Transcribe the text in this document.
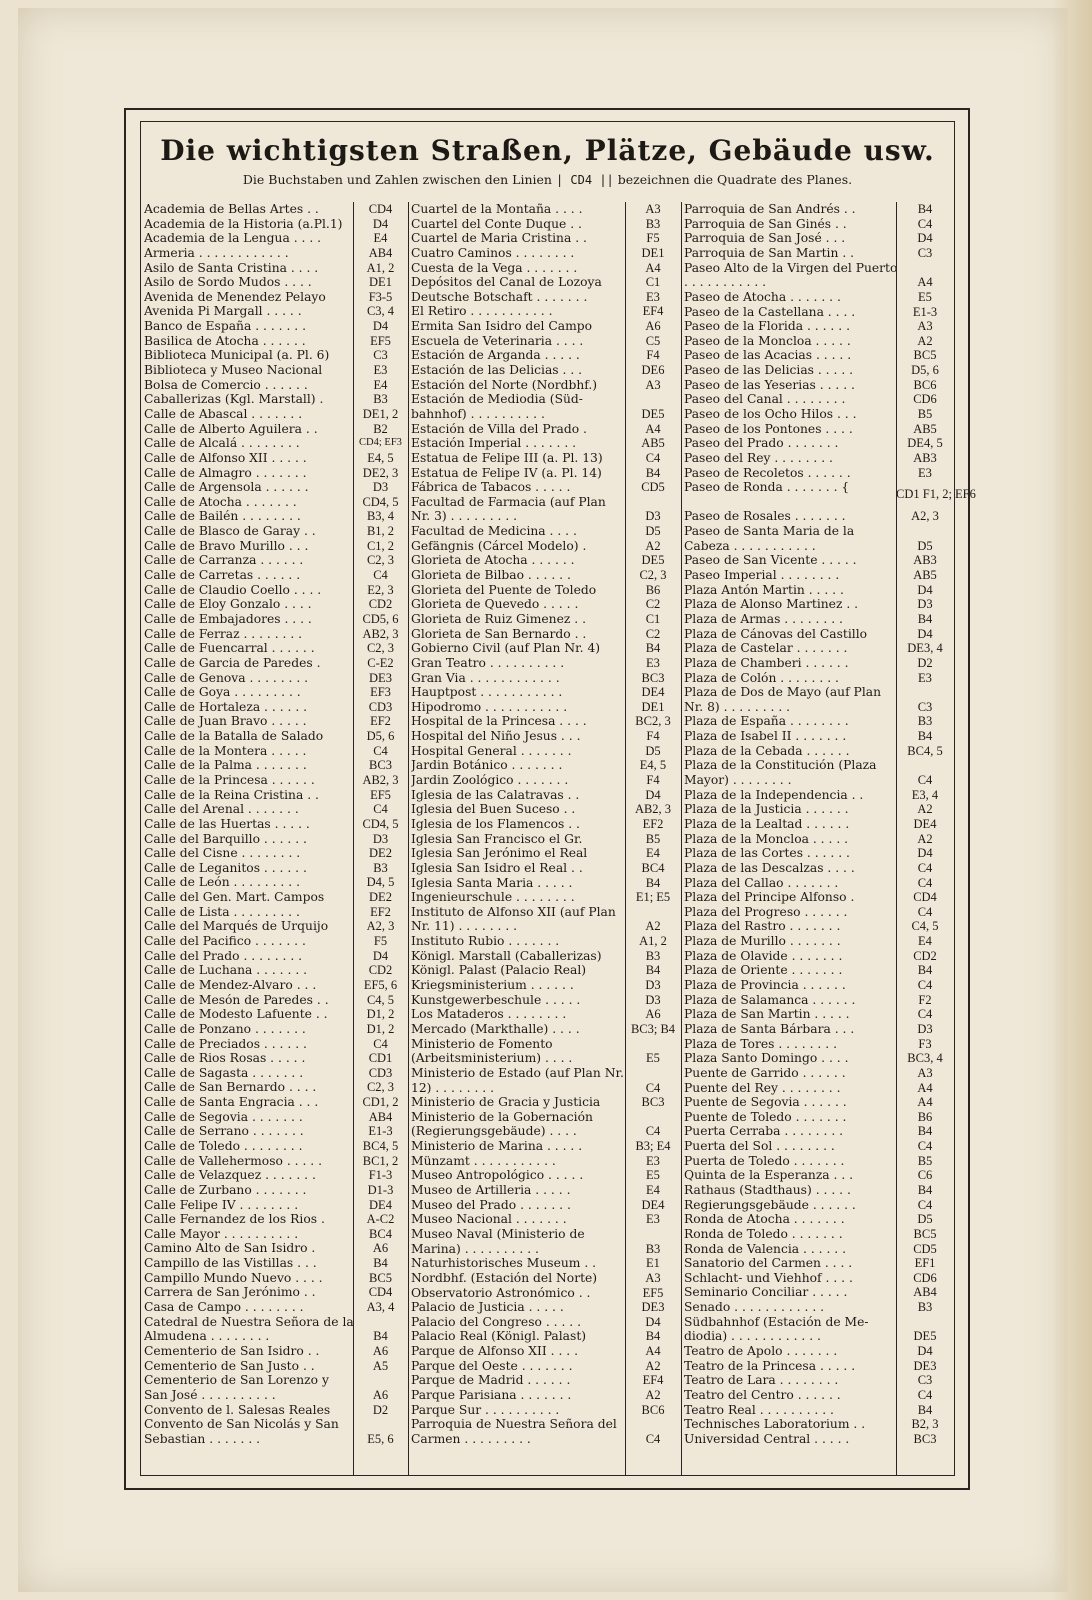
Die wichtigsten Straßen, Plätze, Gebäude usw.
Die Buchstaben und Zahlen zwischen den Linien | CD4 || bezeichnen die Quadrate des Planes.
Academia de Bellas Artes . .	CD4
Academia de la Historia (a.Pl.1)	D4
Academia de la Lengua . . . .	E4
Armeria . . . . . . . . . . . .	AB4
Asilo de Santa Cristina . . . .	A1, 2
Asilo de Sordo Mudos . . . .	DE1
Avenida de Menendez Pelayo	F3-5
Avenida Pi Margall . . . . .	C3, 4
Banco de España . . . . . . .	D4
Basilica de Atocha . . . . . .	EF5
Biblioteca Municipal (a. Pl. 6)	C3
Biblioteca y Museo Nacional	E3
Bolsa de Comercio . . . . . .	E4
Caballerizas (Kgl. Marstall) .	B3
Calle de Abascal . . . . . . .	DE1, 2
Calle de Alberto Aguilera . .	B2
Calle de Alcalá . . . . . . . .	CD4; EF3
Calle de Alfonso XII . . . . .	E4, 5
Calle de Almagro . . . . . . .	DE2, 3
Calle de Argensola . . . . . .	D3
Calle de Atocha . . . . . . .	CD4, 5
Calle de Bailén . . . . . . . .	B3, 4
Calle de Blasco de Garay . .	B1, 2
Calle de Bravo Murillo . . .	C1, 2
Calle de Carranza . . . . . .	C2, 3
Calle de Carretas . . . . . .	C4
Calle de Claudio Coello . . . .	E2, 3
Calle de Eloy Gonzalo . . . .	CD2
Calle de Embajadores . . . .	CD5, 6
Calle de Ferraz . . . . . . . .	AB2, 3
Calle de Fuencarral . . . . . .	C2, 3
Calle de Garcia de Paredes .	C-E2
Calle de Genova . . . . . . . .	DE3
Calle de Goya . . . . . . . . .	EF3
Calle de Hortaleza . . . . . .	CD3
Calle de Juan Bravo . . . . .	EF2
Calle de la Batalla de Salado	D5, 6
Calle de la Montera . . . . .	C4
Calle de la Palma . . . . . . .	BC3
Calle de la Princesa . . . . . .	AB2, 3
Calle de la Reina Cristina . .	EF5
Calle del Arenal . . . . . . .	C4
Calle de las Huertas . . . . .	CD4, 5
Calle del Barquillo . . . . . .	D3
Calle del Cisne . . . . . . . .	DE2
Calle de Leganitos . . . . . .	B3
Calle de León . . . . . . . . .	D4, 5
Calle del Gen. Mart. Campos	DE2
Calle de Lista . . . . . . . . .	EF2
Calle del Marqués de Urquijo	A2, 3
Calle del Pacifico . . . . . . .	F5
Calle del Prado . . . . . . . .	D4
Calle de Luchana . . . . . . .	CD2
Calle de Mendez-Alvaro . . .	EF5, 6
Calle de Mesón de Paredes . .	C4, 5
Calle de Modesto Lafuente . .	D1, 2
Calle de Ponzano . . . . . . .	D1, 2
Calle de Preciados . . . . . .	C4
Calle de Rios Rosas . . . . .	CD1
Calle de Sagasta . . . . . . .	CD3
Calle de San Bernardo . . . .	C2, 3
Calle de Santa Engracia . . .	CD1, 2
Calle de Segovia . . . . . . .	AB4
Calle de Serrano . . . . . . .	E1-3
Calle de Toledo . . . . . . . .	BC4, 5
Calle de Vallehermoso . . . . .	BC1, 2
Calle de Velazquez . . . . . . .	F1-3
Calle de Zurbano . . . . . . .	D1-3
Calle Felipe IV . . . . . . . .	DE4
Calle Fernandez de los Rios .	A-C2
Calle Mayor . . . . . . . . . .	BC4
Camino Alto de San Isidro .	A6
Campillo de las Vistillas . . .	B4
Campillo Mundo Nuevo . . . .	BC5
Carrera de San Jerónimo . .	CD4
Casa de Campo . . . . . . . .	A3, 4
Catedral de Nuestra Señora de la Almudena . . . . . . . .	B4
Cementerio de San Isidro . .	A6
Cementerio de San Justo . .	A5
Cementerio de San Lorenzo y San José . . . . . . . . . .	A6
Convento de l. Salesas Reales	D2
Convento de San Nicolás y San Sebastian . . . . . . .	E5, 6
Cuartel de la Montaña . . . .	A3
Cuartel del Conte Duque . .	B3
Cuartel de Maria Cristina . .	F5
Cuatro Caminos . . . . . . . .	DE1
Cuesta de la Vega . . . . . . .	A4
Depósitos del Canal de Lozoya	C1
Deutsche Botschaft . . . . . . .	E3
El Retiro . . . . . . . . . . .	EF4
Ermita San Isidro del Campo	A6
Escuela de Veterinaria . . . .	C5
Estación de Arganda . . . . .	F4
Estación de las Delicias . . .	DE6
Estación del Norte (Nordbhf.)	A3
Estación de Mediodia (Süd- bahnhof) . . . . . . . . . .	DE5
Estación de Villa del Prado .	A4
Estación Imperial . . . . . . .	AB5
Estatua de Felipe III (a. Pl. 13)	C4
Estatua de Felipe IV (a. Pl. 14)	B4
Fábrica de Tabacos . . . . .	CD5
Facultad de Farmacia (auf Plan Nr. 3) . . . . . . . . .	D3
Facultad de Medicina . . . .	D5
Gefängnis (Cárcel Modelo) .	A2
Glorieta de Atocha . . . . . .	DE5
Glorieta de Bilbao . . . . . .	C2, 3
Glorieta del Puente de Toledo	B6
Glorieta de Quevedo . . . . .	C2
Glorieta de Ruiz Gimenez . .	C1
Glorieta de San Bernardo . .	C2
Gobierno Civil (auf Plan Nr. 4)	B4
Gran Teatro . . . . . . . . . .	E3
Gran Via . . . . . . . . . . . .	BC3
Hauptpost . . . . . . . . . . .	DE4
Hipodromo . . . . . . . . . . .	DE1
Hospital de la Princesa . . . .	BC2, 3
Hospital del Niño Jesus . . .	F4
Hospital General . . . . . . .	D5
Jardin Botánico . . . . . . .	E4, 5
Jardin Zoológico . . . . . . .	F4
Iglesia de las Calatravas . .	D4
Iglesia del Buen Suceso . .	AB2, 3
Iglesia de los Flamencos . .	EF2
Iglesia San Francisco el Gr.	B5
Iglesia San Jerónimo el Real	E4
Iglesia San Isidro el Real . .	BC4
Iglesia Santa Maria . . . . .	B4
Ingenieurschule . . . . . . . .	E1; E5
Instituto de Alfonso XII (auf Plan Nr. 11) . . . . . . . .	A2
Instituto Rubio . . . . . . .	A1, 2
Königl. Marstall (Caballerizas)	B3
Königl. Palast (Palacio Real)	B4
Kriegsministerium . . . . . .	D3
Kunstgewerbeschule . . . . .	D3
Los Mataderos . . . . . . . .	A6
Mercado (Markthalle) . . . .	BC3; B4
Ministerio de Fomento (Arbeitsministerium) . . . .	E5
Ministerio de Estado (auf Plan Nr. 12) . . . . . . . .	C4
Ministerio de Gracia y Justicia	BC3
Ministerio de la Gobernación (Regierungsgebäude) . . . .	C4
Ministerio de Marina . . . . .	B3; E4
Münzamt . . . . . . . . . . .	E3
Museo Antropológico . . . . .	E5
Museo de Artilleria . . . . .	E4
Museo del Prado . . . . . . .	DE4
Museo Nacional . . . . . . .	E3
Museo Naval (Ministerio de Marina) . . . . . . . . . .	B3
Naturhistorisches Museum . .	E1
Nordbhf. (Estación del Norte)	A3
Observatorio Astronómico . .	EF5
Palacio de Justicia . . . . .	DE3
Palacio del Congreso . . . . .	D4
Palacio Real (Königl. Palast)	B4
Parque de Alfonso XII . . . .	A4
Parque del Oeste . . . . . . .	A2
Parque de Madrid . . . . . .	EF4
Parque Parisiana . . . . . . .	A2
Parque Sur . . . . . . . . . .	BC6
Parroquia de Nuestra Señora del Carmen . . . . . . . . .	C4
Parroquia de San Andrés . .	B4
Parroquia de San Ginés . .	C4
Parroquia de San José . . .	D4
Parroquia de San Martin . .	C3
Paseo Alto de la Virgen del Puerto . . . . . . . . . . .	A4
Paseo de Atocha . . . . . . .	E5
Paseo de la Castellana . . . .	E1-3
Paseo de la Florida . . . . . .	A3
Paseo de la Moncloa . . . . .	A2
Paseo de las Acacias . . . . .	BC5
Paseo de las Delicias . . . . .	D5, 6
Paseo de las Yeserias . . . . .	BC6
Paseo del Canal . . . . . . . .	CD6
Paseo de los Ocho Hilos . . .	B5
Paseo de los Pontones . . . .	AB5
Paseo del Prado . . . . . . .	DE4, 5
Paseo del Rey . . . . . . . .	AB3
Paseo de Recoletos . . . . . .	E3
Paseo de Ronda . . . . . . . {	CD1 F1, 2; EF6
Paseo de Rosales . . . . . . .	A2, 3
Paseo de Santa Maria de la Cabeza . . . . . . . . . . .	D5
Paseo de San Vicente . . . . .	AB3
Paseo Imperial . . . . . . . .	AB5
Plaza Antón Martin . . . . .	D4
Plaza de Alonso Martinez . .	D3
Plaza de Armas . . . . . . . .	B4
Plaza de Cánovas del Castillo	D4
Plaza de Castelar . . . . . . .	DE3, 4
Plaza de Chamberi . . . . . .	D2
Plaza de Colón . . . . . . . .	E3
Plaza de Dos de Mayo (auf Plan Nr. 8) . . . . . . . . .	C3
Plaza de España . . . . . . . .	B3
Plaza de Isabel II . . . . . . .	B4
Plaza de la Cebada . . . . . .	BC4, 5
Plaza de la Constitución (Plaza Mayor) . . . . . . . .	C4
Plaza de la Independencia . .	E3, 4
Plaza de la Justicia . . . . . .	A2
Plaza de la Lealtad . . . . . .	DE4
Plaza de la Moncloa . . . . .	A2
Plaza de las Cortes . . . . . .	D4
Plaza de las Descalzas . . . .	C4
Plaza del Callao . . . . . . .	C4
Plaza del Principe Alfonso .	CD4
Plaza del Progreso . . . . . .	C4
Plaza del Rastro . . . . . . .	C4, 5
Plaza de Murillo . . . . . . .	E4
Plaza de Olavide . . . . . . .	CD2
Plaza de Oriente . . . . . . .	B4
Plaza de Provincia . . . . . .	C4
Plaza de Salamanca . . . . . .	F2
Plaza de San Martin . . . . .	C4
Plaza de Santa Bárbara . . .	D3
Plaza de Tores . . . . . . . .	F3
Plaza Santo Domingo . . . .	BC3, 4
Puente de Garrido . . . . . .	A3
Puente del Rey . . . . . . . .	A4
Puente de Segovia . . . . . .	A4
Puente de Toledo . . . . . . .	B6
Puerta Cerraba . . . . . . . .	B4
Puerta del Sol . . . . . . . .	C4
Puerta de Toledo . . . . . . .	B5
Quinta de la Esperanza . . .	C6
Rathaus (Stadthaus) . . . . .	B4
Regierungsgebäude . . . . . .	C4
Ronda de Atocha . . . . . . .	D5
Ronda de Toledo . . . . . . .	BC5
Ronda de Valencia . . . . . .	CD5
Sanatorio del Carmen . . . .	EF1
Schlacht- und Viehhof . . . .	CD6
Seminario Conciliar . . . . .	AB4
Senado . . . . . . . . . . . .	B3
Südbahnhof (Estación de Me- diodia) . . . . . . . . . . . .	DE5
Teatro de Apolo . . . . . . .	D4
Teatro de la Princesa . . . . .	DE3
Teatro de Lara . . . . . . . .	C3
Teatro del Centro . . . . . .	C4
Teatro Real . . . . . . . . . .	B4
Technisches Laboratorium . .	B2, 3
Universidad Central . . . . .	BC3
